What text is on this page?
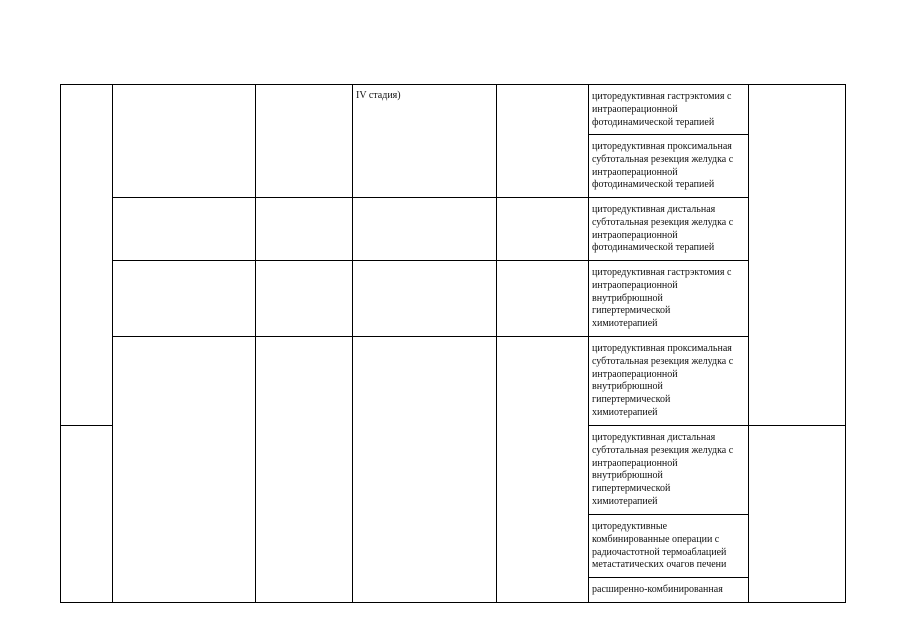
IV стадия)	циторедуктивная гастрэктомия с
интраоперационной
фотодинамической терапией

циторедуктивная проксимальная
субтотальная резекция желудка с
интраоперационной
фотодинамической терапией

циторедуктивная дистальная
субтотальная резекция желудка с
интраоперационной
фотодинамической терапией

циторедуктивная гастрэктомия с
интраоперационной
внутрибрюшной
гипертермической
химиотерапией

циторедуктивная проксимальная
субтотальная резекция желудка с
интраоперационной
внутрибрюшной
гипертермической
химиотерапией

циторедуктивная дистальная
субтотальная резекция желудка с
интраоперационной
внутрибрюшной
гипертермической
химиотерапией

циторедуктивные
комбинированные операции с
радиочастотной термоаблацией
метастатических очагов печени

расширенно-комбинированная
